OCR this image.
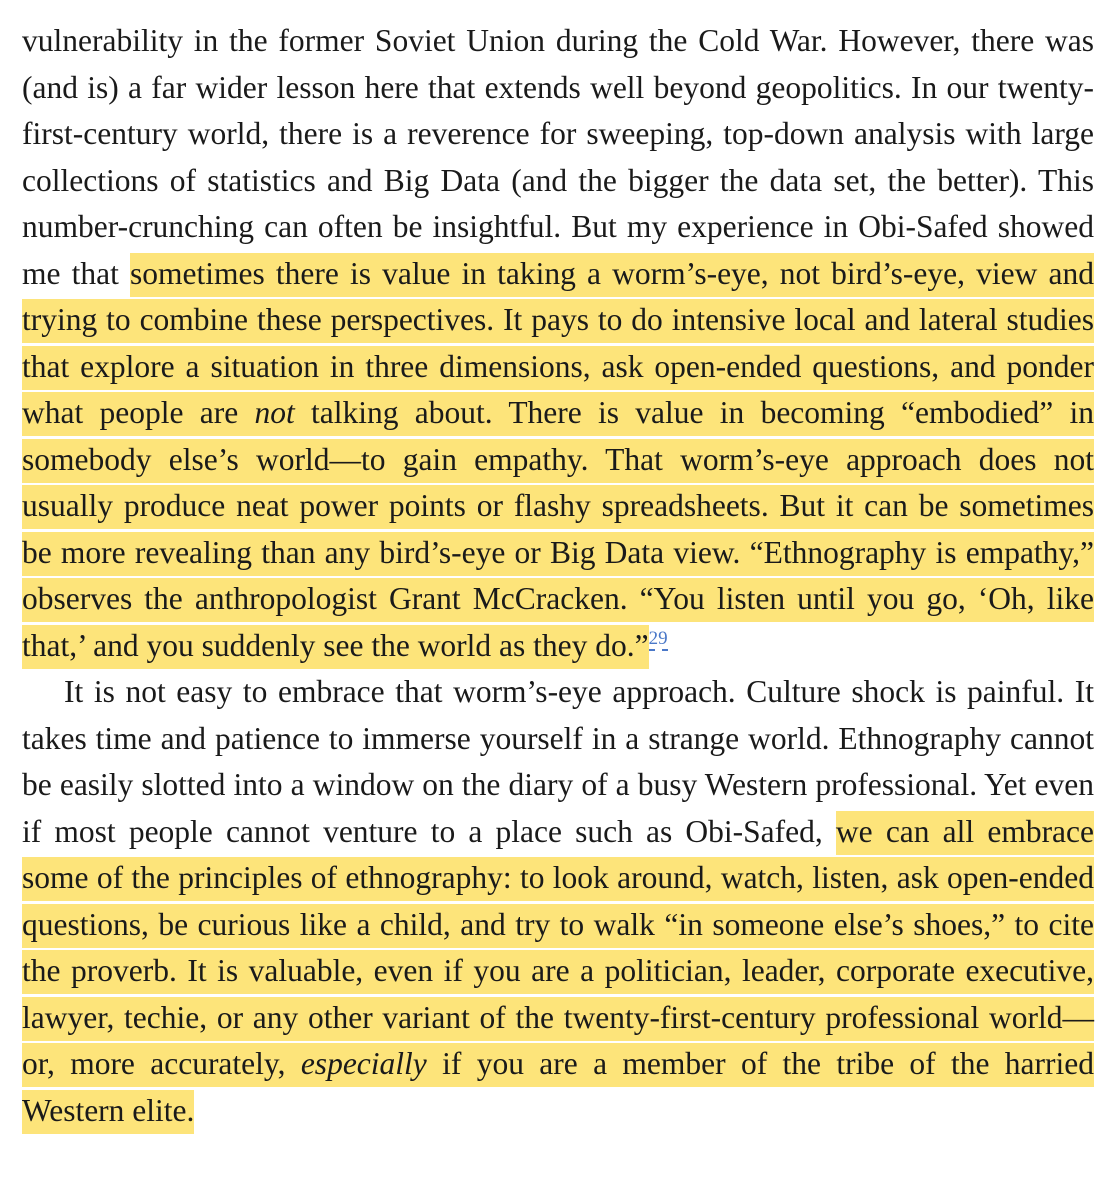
vulnerability in the former Soviet Union during the Cold War. However, there was (and is) a far wider lesson here that extends well beyond geopolitics. In our twenty-first-century world, there is a reverence for sweeping, top-down analysis with large collections of statistics and Big Data (and the bigger the data set, the better). This number-crunching can often be insightful. But my experience in Obi-Safed showed me that sometimes there is value in taking a worm’s-eye, not bird’s-eye, view and trying to combine these perspectives. It pays to do intensive local and lateral studies that explore a situation in three dimensions, ask open-ended questions, and ponder what people are not talking about. There is value in becoming “embodied” in somebody else’s world—to gain empathy. That worm’s-eye approach does not usually produce neat power points or flashy spreadsheets. But it can be sometimes be more revealing than any bird’s-eye or Big Data view. “Ethnography is empathy,” observes the anthropologist Grant McCracken. “You listen until you go, ‘Oh, like that,’ and you suddenly see the world as they do.”$^{29}$

It is not easy to embrace that worm’s-eye approach. Culture shock is painful. It takes time and patience to immerse yourself in a strange world. Ethnography cannot be easily slotted into a window on the diary of a busy Western professional. Yet even if most people cannot venture to a place such as Obi-Safed, we can all embrace some of the principles of ethnography: to look around, watch, listen, ask open-ended questions, be curious like a child, and try to walk “in someone else’s shoes,” to cite the proverb. It is valuable, even if you are a politician, leader, corporate executive, lawyer, techie, or any other variant of the twenty-first-century professional world—or, more accurately, especially if you are a member of the tribe of the harried Western elite.
